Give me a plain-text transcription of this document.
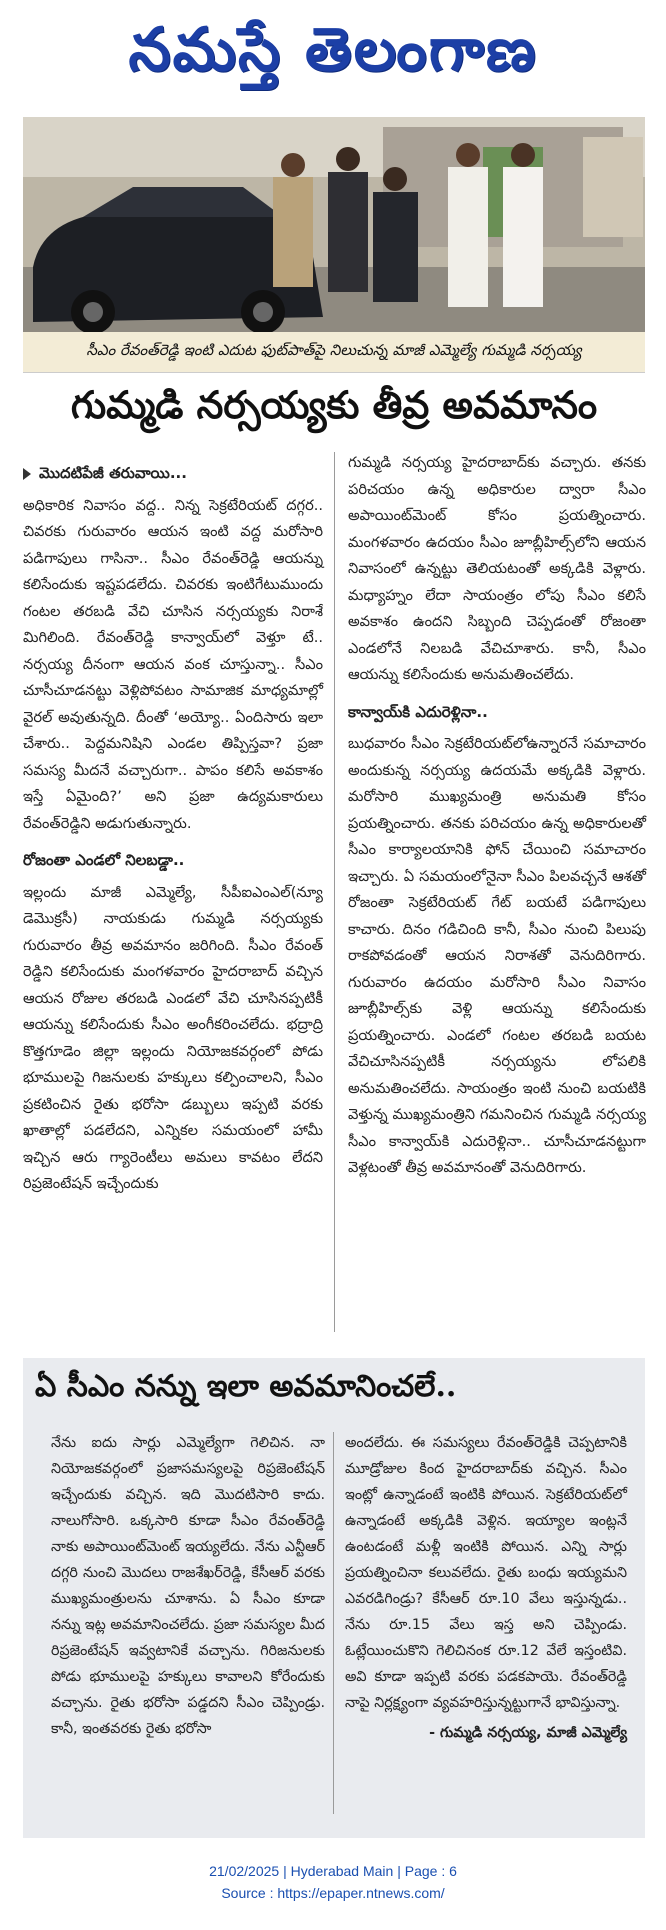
నమస్తే తెలంగాణ
సీఎం రేవంత్‌రెడ్డి ఇంటి ఎదుట ఫుట్‌పాత్‌పై నిలుచున్న మాజీ ఎమ్మెల్యే గుమ్మడి నర్సయ్య
గుమ్మడి నర్సయ్యకు తీవ్ర అవమానం

మొదటిపేజీ తరువాయి...

అధికారిక నివాసం వద్ద.. నిన్న సెక్రటేరియట్‌ దగ్గర.. చివరకు గురువారం ఆయన ఇంటి వద్ద మరోసారి పడిగాపులు గాసినా.. సీఎం రేవంత్‌రెడ్డి ఆయన్ను కలిసేందుకు ఇష్టపడలేదు. చివరకు ఇంటిగేటుముందు గంటల తరబడి వేచి చూసిన నర్సయ్యకు నిరాశే మిగిలింది. రేవంత్‌రెడ్డి కాన్వాయ్‌లో వెళ్తూ టే.. నర్సయ్య దీనంగా ఆయన వంక చూస్తున్నా.. సీఎం చూసీచూడనట్టు వెళ్లిపోవటం సామాజిక మాధ్యమాల్లో వైరల్‌ అవుతున్నది. దీంతో ‘అయ్యో.. ఏందిసారు ఇలా చేశారు.. పెద్దమనిషిని ఎండల తిప్పిస్తవా? ప్రజా సమస్య మీదనే వచ్చారుగా.. పాపం కలిసే అవకాశం ఇస్తే ఏమైంది?’ అని ప్రజా ఉద్యమకారులు రేవంత్‌రెడ్డిని అడుగుతున్నారు.

రోజంతా ఎండలో నిలబడ్డా..

ఇల్లందు మాజీ ఎమ్మెల్యే, సీపీఐఎంఎల్‌(న్యూ డెమొక్రసీ) నాయకుడు గుమ్మడి నర్సయ్యకు గురువారం తీవ్ర అవమానం జరిగింది. సీఎం రేవంత్‌ రెడ్డిని కలిసేందుకు మంగళవారం హైదరాబాద్‌ వచ్చిన ఆయన రోజుల తరబడి ఎండలో వేచి చూసినప్పటికీ ఆయన్ను కలిసేందుకు సీఎం అంగీకరించలేదు. భద్రాద్రి కొత్తగూడెం జిల్లా ఇల్లందు నియోజకవర్గంలో పోడు భూములపై గిజనులకు హక్కులు కల్పించాలని, సీఎం ప్రకటించిన రైతు భరోసా డబ్బులు ఇప్పటి వరకు ఖాతాల్లో పడలేదని, ఎన్నికల సమయంలో హామీ ఇచ్చిన ఆరు గ్యారెంటీలు అమలు కావటం లేదని రిప్రజెంటేషన్‌ ఇచ్చేందుకు

గుమ్మడి నర్సయ్య హైదరాబాద్‌కు వచ్చారు. తనకు పరిచయం ఉన్న అధికారుల ద్వారా సీఎం అపాయింట్‌మెంట్‌ కోసం ప్రయత్నించారు. మంగళవారం ఉదయం సీఎం జూబ్లీహిల్స్‌లోని ఆయన నివాసంలో ఉన్నట్టు తెలియటంతో అక్కడికి వెళ్లారు. మధ్యాహ్నం లేదా సాయంత్రం లోపు సీఎం కలిసే అవకాశం ఉందని సిబ్బంది చెప్పడంతో రోజంతా ఎండలోనే నిలబడి వేచిచూశారు. కానీ, సీఎం ఆయన్ను కలిసేందుకు అనుమతించలేదు.

కాన్వాయ్‌కి ఎదురెళ్లినా..

బుధవారం సీఎం సెక్రటేరియట్‌లోఉన్నారనే సమాచారం అందుకున్న నర్సయ్య ఉదయమే అక్కడికి వెళ్లారు. మరోసారి ముఖ్యమంత్రి అనుమతి కోసం ప్రయత్నించారు. తనకు పరిచయం ఉన్న అధికారులతో సీఎం కార్యాలయానికి ఫోన్‌ చేయించి సమాచారం ఇచ్చారు. ఏ సమయంలోనైనా సీఎం పిలవచ్చనే ఆశతో రోజంతా సెక్రటేరియట్‌ గేట్‌ బయటే పడిగాపులు కాచారు. దినం గడిచింది కానీ, సీఎం నుంచి పిలుపు రాకపోవడంతో ఆయన నిరాశతో వెనుదిరిగారు. గురువారం ఉదయం మరోసారి సీఎం నివాసం జూబ్లీహిల్స్‌కు వెళ్లి ఆయన్ను కలిసేందుకు ప్రయత్నించారు. ఎండలో గంటల తరబడి బయట వేచిచూసినప్పటికీ నర్సయ్యను లోపలికి అనుమతించలేదు. సాయంత్రం ఇంటి నుంచి బయటికి వెళ్తున్న ముఖ్యమంత్రిని గమనించిన గుమ్మడి నర్సయ్య సీఎం కాన్వాయ్‌కి ఎదురెళ్లినా.. చూసీచూడనట్టుగా వెళ్లటంతో తీవ్ర అవమానంతో వెనుదిరిగారు.

ఏ సీఎం నన్ను ఇలా అవమానించలే..

నేను ఐదు సార్లు ఎమ్మెల్యేగా గెలిచిన. నా నియోజకవర్గంలో ప్రజాసమస్యలపై రిప్రజెంటేషన్‌ ఇచ్చేందుకు వచ్చిన. ఇది మొదటిసారి కాదు. నాలుగోసారి. ఒక్కసారి కూడా సీఎం రేవంత్‌రెడ్డి నాకు అపాయింట్‌మెంట్‌ ఇయ్యలేదు. నేను ఎన్టీఆర్‌ దగ్గరి నుంచి మొదలు రాజశేఖర్‌రెడ్డి, కేసీఆర్‌ వరకు ముఖ్యమంత్రులను చూశాను. ఏ సీఎం కూడా నన్ను ఇట్ల అవమానించలేదు. ప్రజా సమస్యల మీద రిప్రజెంటేషన్‌ ఇవ్వటానికే వచ్చాను. గిరిజనులకు పోడు భూములపై హక్కులు కావాలని కోరేందుకు వచ్చాను. రైతు భరోసా పడ్డదని సీఎం చెప్పిండ్రు. కానీ, ఇంతవరకు రైతు భరోసా

అందలేదు. ఈ సమస్యలు రేవంత్‌రెడ్డికి చెప్పటానికి మూడ్రోజుల కింద హైదరాబాద్‌కు వచ్చిన. సీఎం ఇంట్లో ఉన్నాడంటే ఇంటికి పోయిన. సెక్రటేరియట్‌లో ఉన్నాడంటే అక్కడికి వెళ్లిన. ఇయ్యాల ఇంట్లనే ఉంటడంటే మళ్లీ ఇంటికి పోయిన. ఎన్ని సార్లు ప్రయత్నించినా కలువలేదు. రైతు బంధు ఇయ్యమని ఎవరడిగిండ్రు? కేసీఆర్‌ రూ.10 వేలు ఇస్తున్నడు.. నేను రూ.15 వేలు ఇస్త అని చెప్పిండు. ఓట్లేయించుకొని గెలిచినంక రూ.12 వేలే ఇస్తంటివి. అవి కూడా ఇప్పటి వరకు పడకపాయె. రేవంత్‌రెడ్డి నాపై నిర్లక్ష్యంగా వ్యవహరిస్తున్నట్టుగానే భావిస్తున్నా.

- గుమ్మడి నర్సయ్య, మాజీ ఎమ్మెల్యే

21/02/2025 | Hyderabad Main | Page : 6
Source : https://epaper.ntnews.com/
